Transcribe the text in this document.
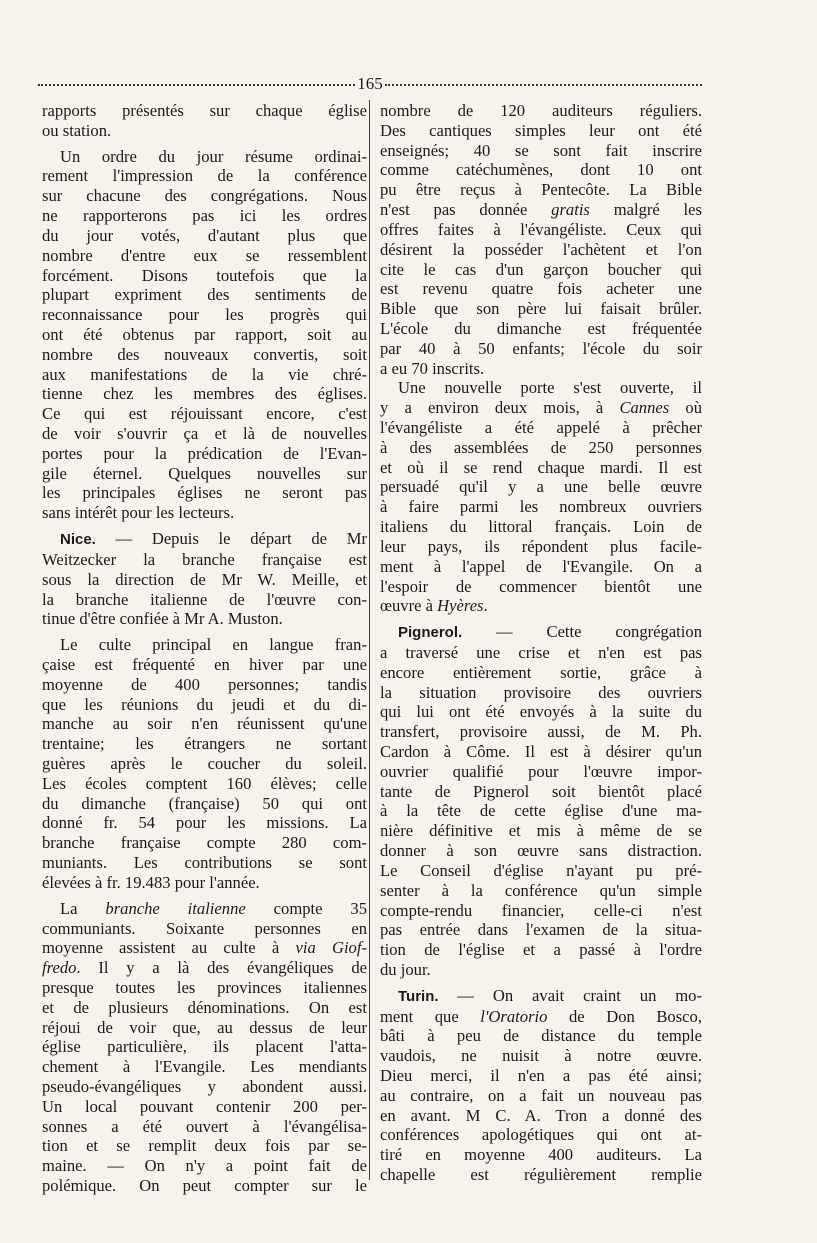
165
rapports présentés sur chaque église
ou station.
Un ordre du jour résume ordinai-
rement l'impression de la conférence
sur chacune des congrégations. Nous
ne rapporterons pas ici les ordres
du jour votés, d'autant plus que
nombre d'entre eux se ressemblent
forcément. Disons toutefois que la
plupart expriment des sentiments de
reconnaissance pour les progrès qui
ont été obtenus par rapport, soit au
nombre des nouveaux convertis, soit
aux manifestations de la vie chré-
tienne chez les membres des églises.
Ce qui est réjouissant encore, c'est
de voir s'ouvrir ça et là de nouvelles
portes pour la prédication de l'Evan-
gile éternel. Quelques nouvelles sur
les principales églises ne seront pas
sans intérêt pour les lecteurs.
Nice. — Depuis le départ de Mr
Weitzecker la branche française est
sous la direction de Mr W. Meille, et
la branche italienne de l'œuvre con-
tinue d'être confiée à Mr A. Muston.
Le culte principal en langue fran-
çaise est fréquenté en hiver par une
moyenne de 400 personnes; tandis
que les réunions du jeudi et du di-
manche au soir n'en réunissent qu'une
trentaine; les étrangers ne sortant
guères après le coucher du soleil.
Les écoles comptent 160 élèves; celle
du dimanche (française) 50 qui ont
donné fr. 54 pour les missions. La
branche française compte 280 com-
muniants. Les contributions se sont
élevées à fr. 19.483 pour l'année.
La branche italienne compte 35
communiants. Soixante personnes en
moyenne assistent au culte à via Giof-
fredo. Il y a là des évangéliques de
presque toutes les provinces italiennes
et de plusieurs dénominations. On est
réjoui de voir que, au dessus de leur
église particulière, ils placent l'atta-
chement à l'Evangile. Les mendiants
pseudo-évangéliques y abondent aussi.
Un local pouvant contenir 200 per-
sonnes a été ouvert à l'évangélisa-
tion et se remplit deux fois par se-
maine. — On n'y a point fait de
polémique. On peut compter sur le
nombre de 120 auditeurs réguliers.
Des cantiques simples leur ont été
enseignés; 40 se sont fait inscrire
comme catéchumènes, dont 10 ont
pu être reçus à Pentecôte. La Bible
n'est pas donnée gratis malgré les
offres faites à l'évangéliste. Ceux qui
désirent la posséder l'achètent et l'on
cite le cas d'un garçon boucher qui
est revenu quatre fois acheter une
Bible que son père lui faisait brûler.
L'école du dimanche est fréquentée
par 40 à 50 enfants; l'école du soir
a eu 70 inscrits.
Une nouvelle porte s'est ouverte, il
y a environ deux mois, à Cannes où
l'évangéliste a été appelé à prêcher
à des assemblées de 250 personnes
et où il se rend chaque mardi. Il est
persuadé qu'il y a une belle œuvre
à faire parmi les nombreux ouvriers
italiens du littoral français. Loin de
leur pays, ils répondent plus facile-
ment à l'appel de l'Evangile. On a
l'espoir de commencer bientôt une
œuvre à Hyères.
Pignerol. — Cette congrégation
a traversé une crise et n'en est pas
encore entièrement sortie, grâce à
la situation provisoire des ouvriers
qui lui ont été envoyés à la suite du
transfert, provisoire aussi, de M. Ph.
Cardon à Côme. Il est à désirer qu'un
ouvrier qualifié pour l'œuvre impor-
tante de Pignerol soit bientôt placé
à la tête de cette église d'une ma-
nière définitive et mis à même de se
donner à son œuvre sans distraction.
Le Conseil d'église n'ayant pu pré-
senter à la conférence qu'un simple
compte-rendu financier, celle-ci n'est
pas entrée dans l'examen de la situa-
tion de l'église et a passé à l'ordre
du jour.
Turin. — On avait craint un mo-
ment que l'Oratorio de Don Bosco,
bâti à peu de distance du temple
vaudois, ne nuisit à notre œuvre.
Dieu merci, il n'en a pas été ainsi;
au contraire, on a fait un nouveau pas
en avant. M C. A. Tron a donné des
conférences apologétiques qui ont at-
tiré en moyenne 400 auditeurs. La
chapelle est régulièrement remplie
